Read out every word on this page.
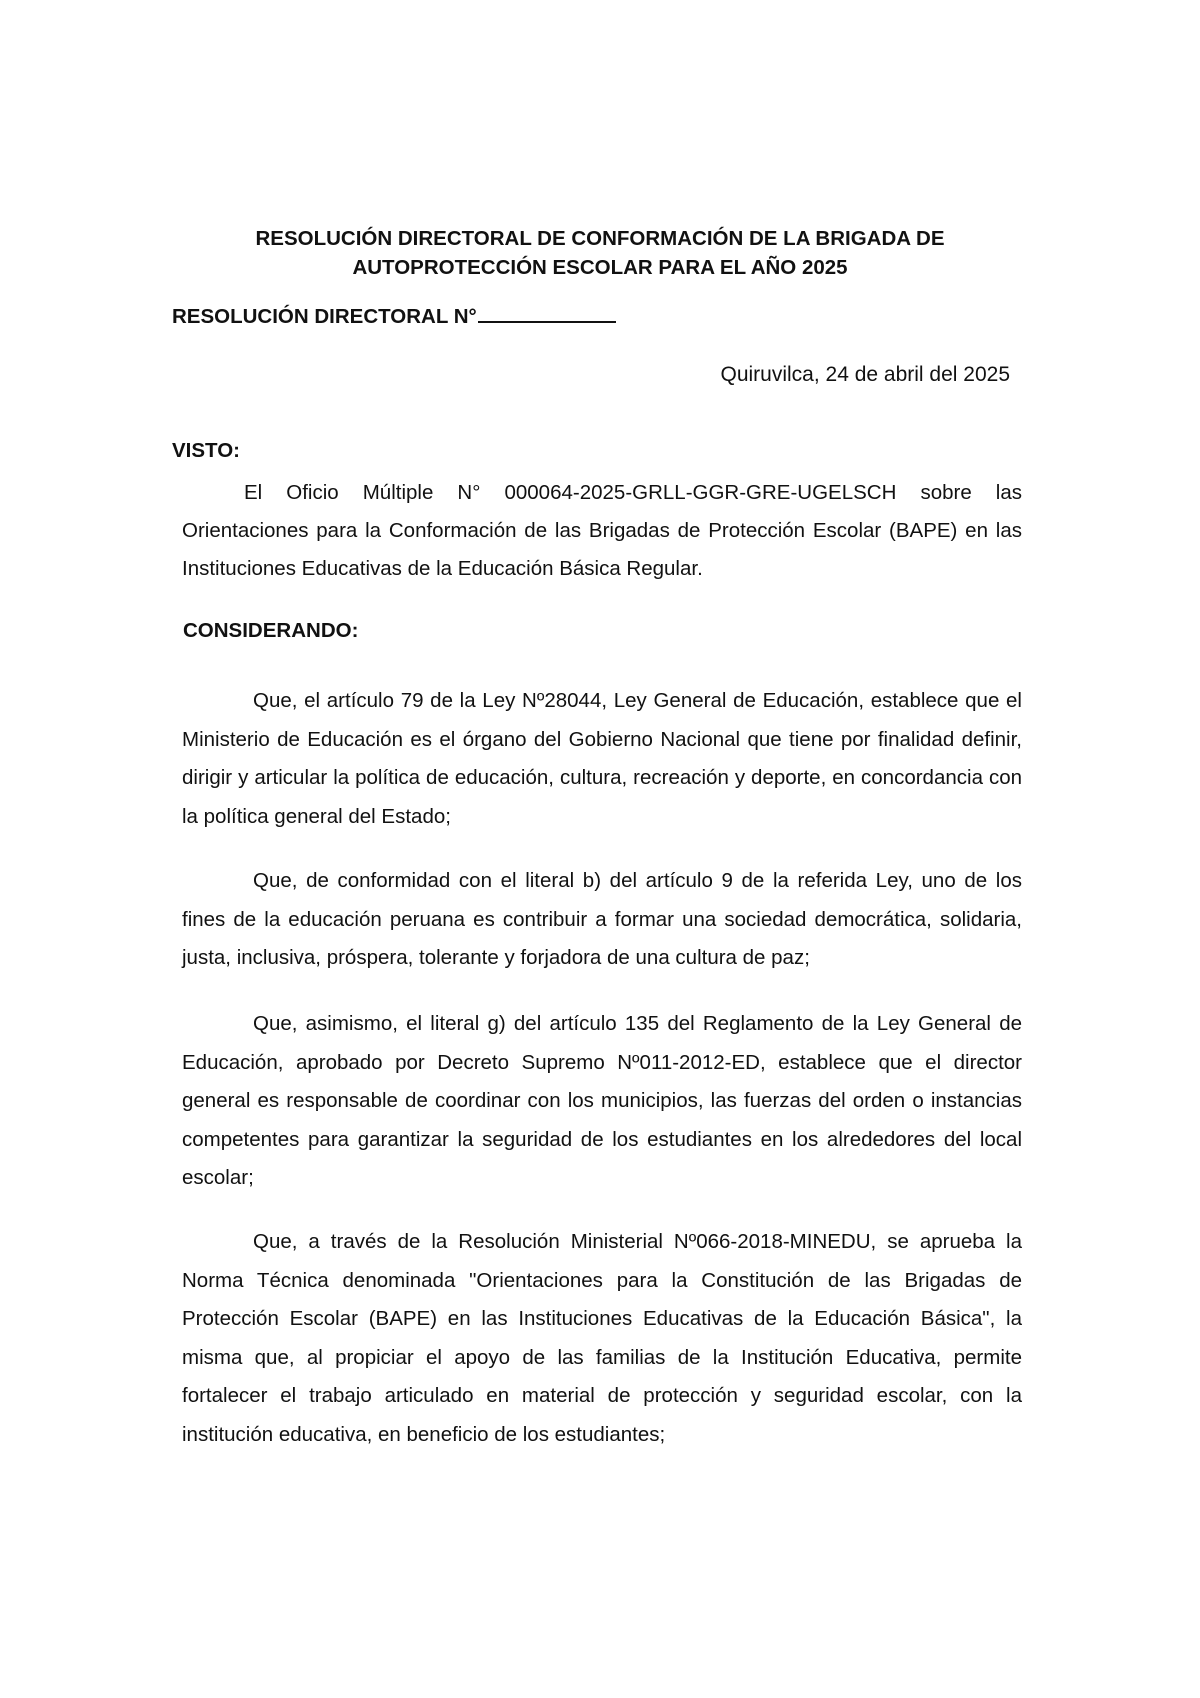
RESOLUCIÓN DIRECTORAL DE CONFORMACIÓN DE LA BRIGADA DE AUTOPROTECCIÓN ESCOLAR PARA EL AÑO 2025

RESOLUCIÓN DIRECTORAL N°

Quiruvilca, 24 de abril del 2025

VISTO:

El Oficio Múltiple N° 000064-2025-GRLL-GGR-GRE-UGELSCH sobre las Orientaciones para la Conformación de las Brigadas de Protección Escolar (BAPE) en las Instituciones Educativas de la Educación Básica Regular.

CONSIDERANDO:

Que, el artículo 79 de la Ley Nº28044, Ley General de Educación, establece que el Ministerio de Educación es el órgano del Gobierno Nacional que tiene por finalidad definir, dirigir y articular la política de educación, cultura, recreación y deporte, en concordancia con la política general del Estado;

Que, de conformidad con el literal b) del artículo 9 de la referida Ley, uno de los fines de la educación peruana es contribuir a formar una sociedad democrática, solidaria, justa, inclusiva, próspera, tolerante y forjadora de una cultura de paz;

Que, asimismo, el literal g) del artículo 135 del Reglamento de la Ley General de Educación, aprobado por Decreto Supremo Nº011-2012-ED, establece que el director general es responsable de coordinar con los municipios, las fuerzas del orden o instancias competentes para garantizar la seguridad de los estudiantes en los alrededores del local escolar;

Que, a través de la Resolución Ministerial Nº066-2018-MINEDU, se aprueba la Norma Técnica denominada "Orientaciones para la Constitución de las Brigadas de Protección Escolar (BAPE) en las Instituciones Educativas de la Educación Básica", la misma que, al propiciar el apoyo de las familias de la Institución Educativa, permite fortalecer el trabajo articulado en material de protección y seguridad escolar, con la institución educativa, en beneficio de los estudiantes;
